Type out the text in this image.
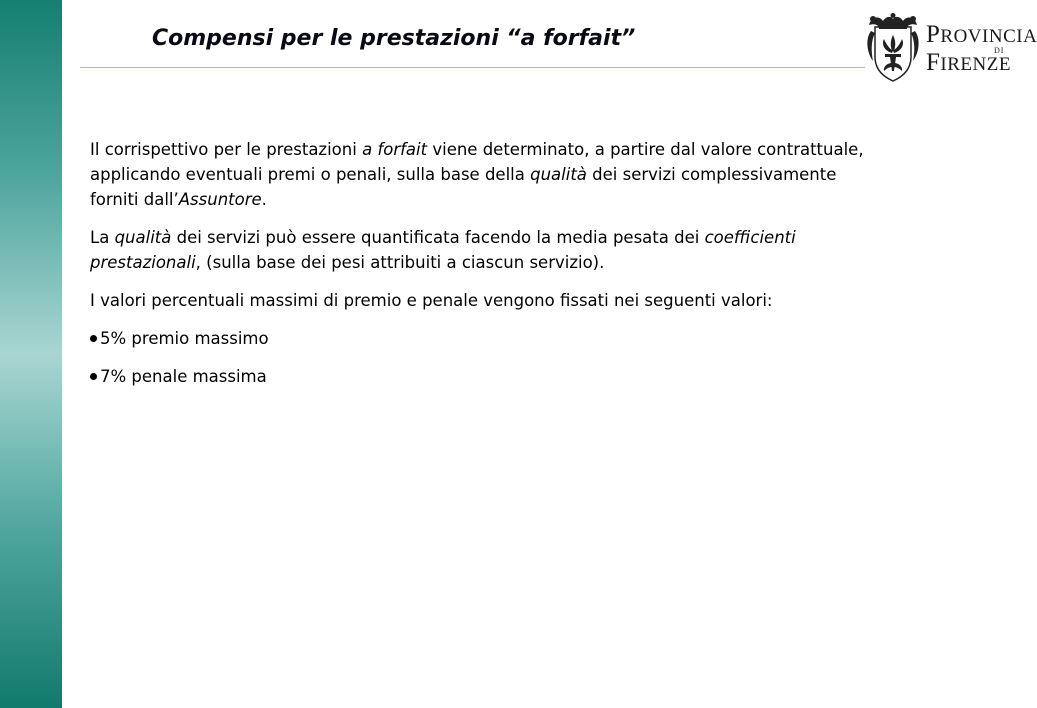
Compensi per le prestazioni “a forfait”	PROVINCIA
DI
FIRENZE

Il corrispettivo per le prestazioni a forfait viene determinato, a partire dal valore contrattuale, applicando eventuali premi o penali, sulla base della qualità dei servizi complessivamente forniti dall’Assuntore.

La qualità dei servizi può essere quantificata facendo la media pesata dei coefficienti prestazionali, (sulla base dei pesi attribuiti a ciascun servizio).

I valori percentuali massimi di premio e penale vengono fissati nei seguenti valori:

5% premio massimo

7% penale massima
